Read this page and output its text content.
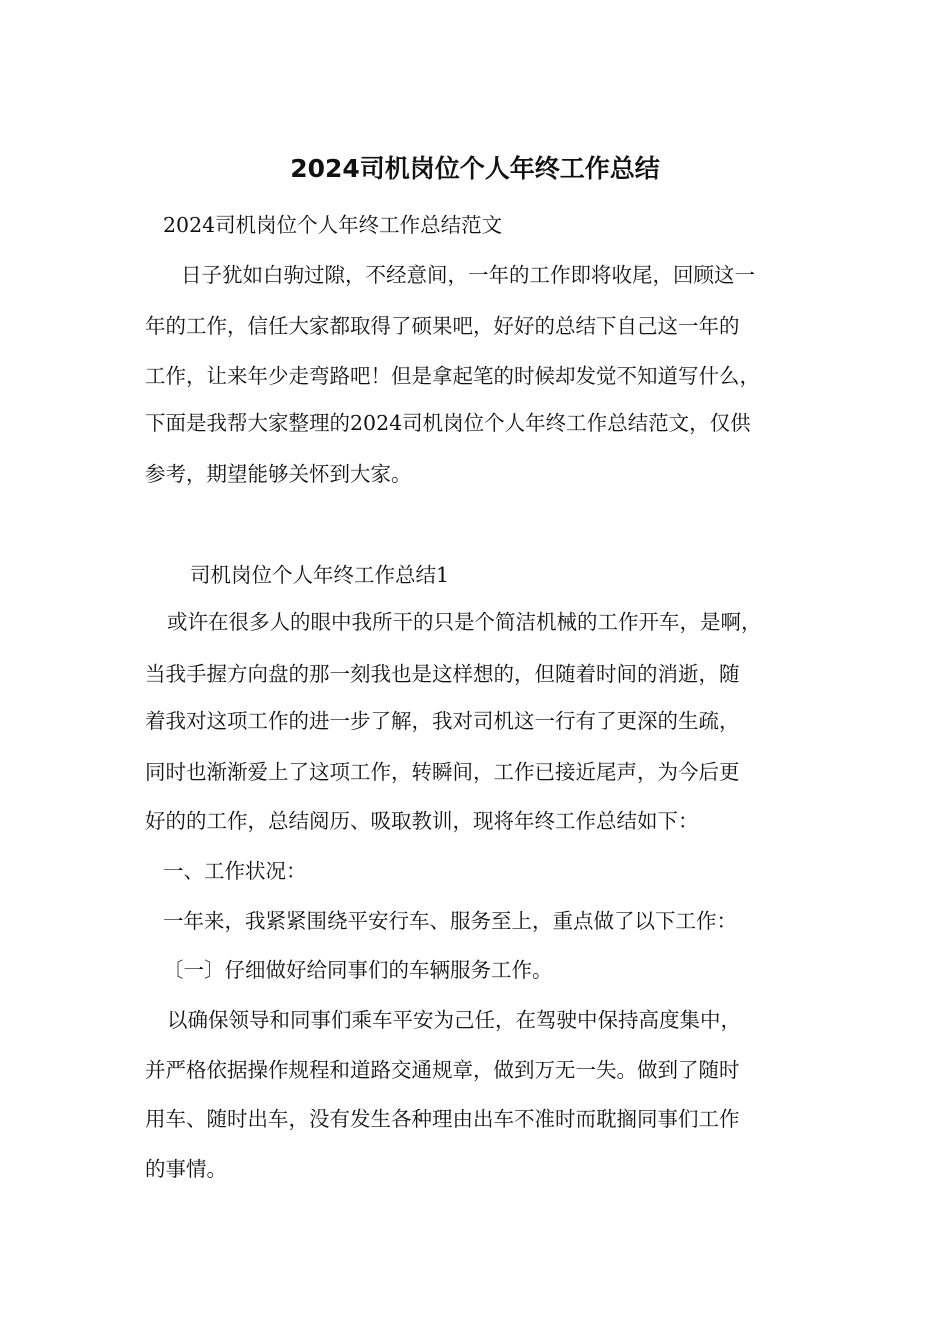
2024司机岗位个人年终工作总结

2024司机岗位个人年终工作总结范文

日子犹如白驹过隙，不经意间，一年的工作即将收尾，回顾这一

年的工作，信任大家都取得了硕果吧，好好的总结下自己这一年的

工作，让来年少走弯路吧！但是拿起笔的时候却发觉不知道写什么，

下面是我帮大家整理的2024司机岗位个人年终工作总结范文，仅供

参考，期望能够关怀到大家。

司机岗位个人年终工作总结1

或许在很多人的眼中我所干的只是个简洁机械的工作开车，是啊，

当我手握方向盘的那一刻我也是这样想的，但随着时间的消逝，随

着我对这项工作的进一步了解，我对司机这一行有了更深的生疏，

同时也渐渐爱上了这项工作，转瞬间，工作已接近尾声，为今后更

好的的工作，总结阅历、吸取教训，现将年终工作总结如下：

一、工作状况：

一年来，我紧紧围绕平安行车、服务至上，重点做了以下工作：

〔一〕仔细做好给同事们的车辆服务工作。

以确保领导和同事们乘车平安为己任，在驾驶中保持高度集中，

并严格依据操作规程和道路交通规章，做到万无一失。做到了随时

用车、随时出车，没有发生各种理由出车不准时而耽搁同事们工作

的事情。
